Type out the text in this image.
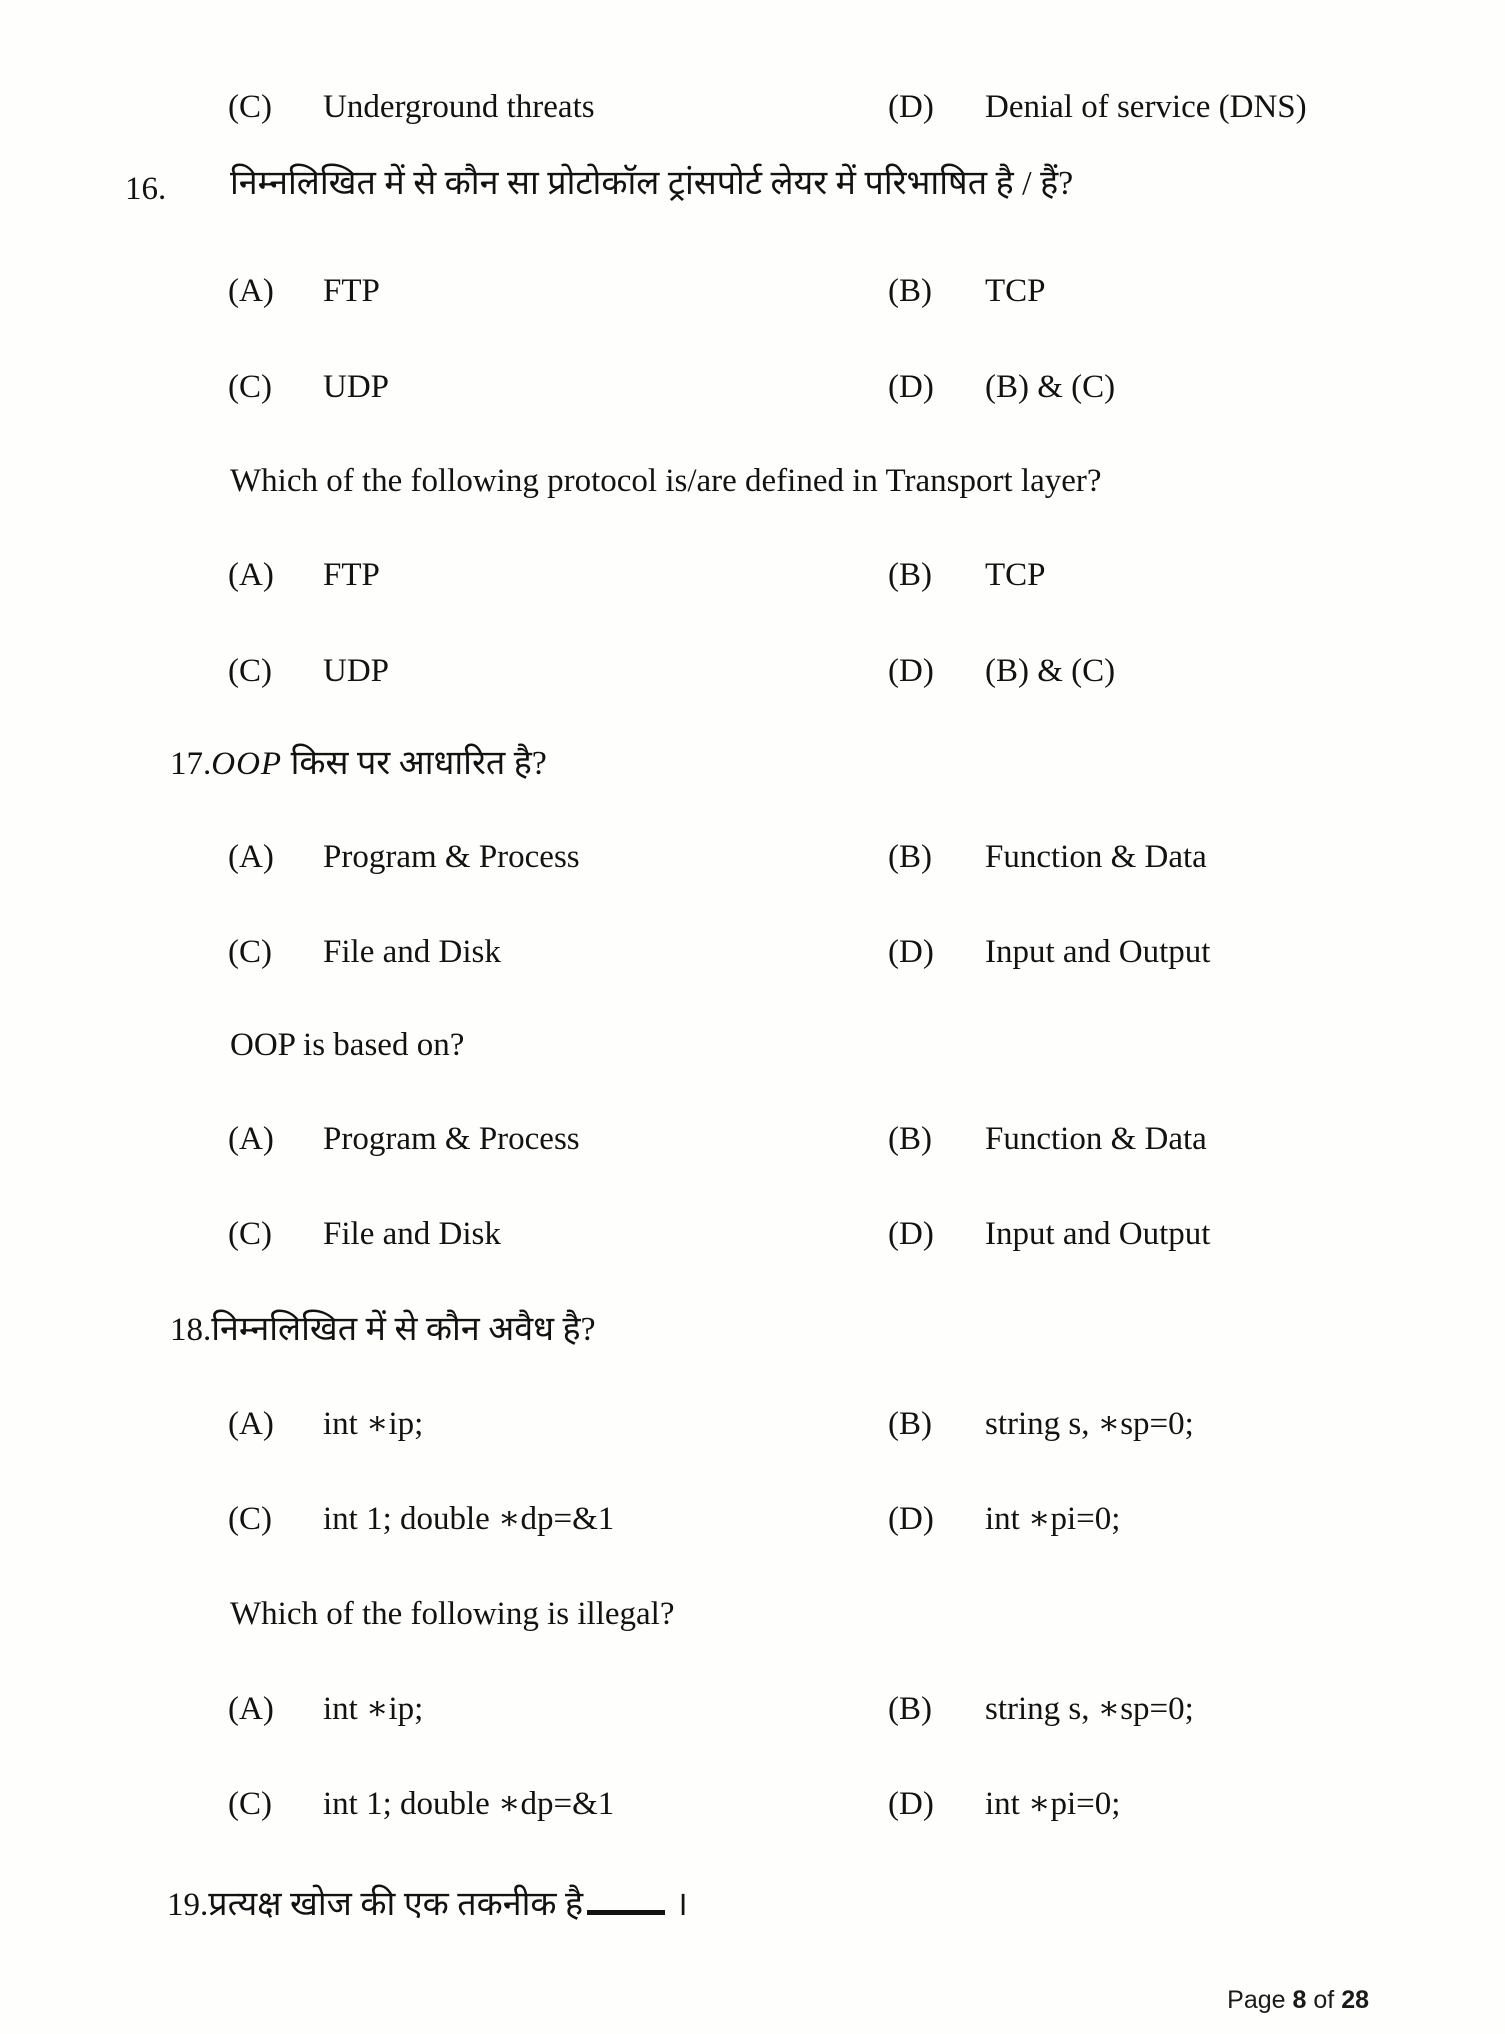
(C) Underground threats	(D) Denial of service (DNS)
16. निम्नलिखित में से कौन सा प्रोटोकॉल ट्रांसपोर्ट लेयर में परिभाषित है / हैं?
(A) FTP	(B) TCP
(C) UDP	(D) (B) & (C)
Which of the following protocol is/are defined in Transport layer?
(A) FTP	(B) TCP
(C) UDP	(D) (B) & (C)
17.OOP किस पर आधारित है?
(A) Program & Process	(B) Function & Data
(C) File and Disk	(D) Input and Output
OOP is based on?
(A) Program & Process	(B) Function & Data
(C) File and Disk	(D) Input and Output
18.निम्नलिखित में से कौन अवैध है?
(A) int ∗ip;	(B) string s, ∗sp=0;
(C) int 1; double ∗dp=&1	(D) int ∗pi=0;
Which of the following is illegal?
(A) int ∗ip;	(B) string s, ∗sp=0;
(C) int 1; double ∗dp=&1	(D) int ∗pi=0;
19.प्रत्यक्ष खोज की एक तकनीक है	।
Page 8 of 28
